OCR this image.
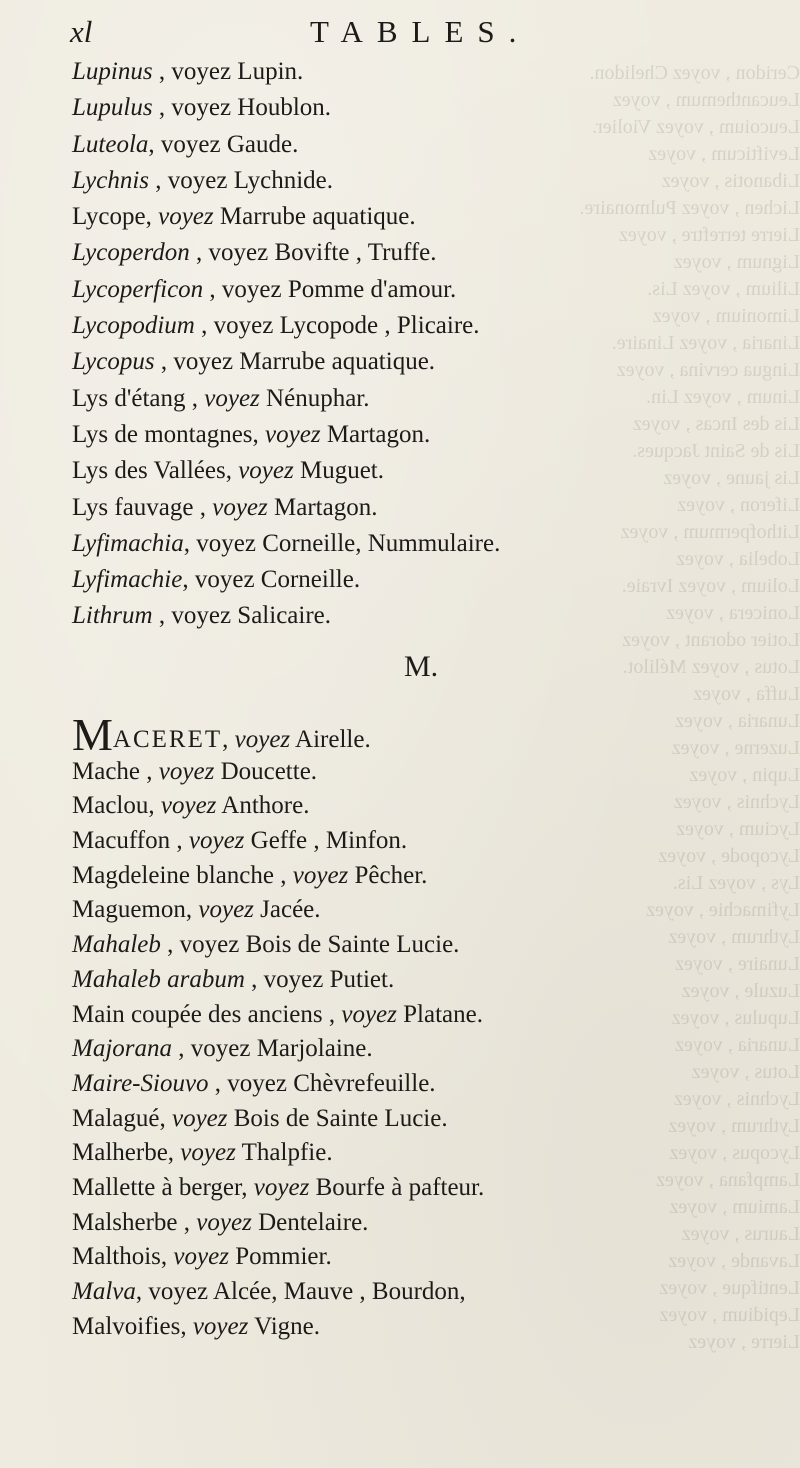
Ceridon , voyez Chelidon.
Leucanthemum , voyez
Leucoium , voyez Violier.
Levifticum , voyez
Libanotis , voyez
Lichen , voyez Pulmonaire.
Lierre terreftre , voyez
Lignum , voyez
Lilium , voyez Lis.
Limonium , voyez
Linaria , voyez Linaire.
Lingua cervina , voyez
Linum , voyez Lin.
Lis des Incas , voyez
Lis de Saint Jacques.
Lis jaune , voyez
Liferon , voyez
Lithofpermum , voyez
Lobelia , voyez
Lolium , voyez Ivraie.
Lonicera , voyez
Lotier odorant , voyez
Lotus , voyez Mélilot.
Luffa , voyez
Lunaria , voyez
Luzerne , voyez
Lupin , voyez
Lychnis , voyez
Lycium , voyez
Lycopode , voyez
Lys , voyez Lis.
Lyfimachie , voyez
Lythrum , voyez
Lunaire , voyez
Luzule , voyez
Lupulus , voyez
Lunaria , voyez
Lotus , voyez
Lychnis , voyez
Lythrum , voyez
Lycopus , voyez
Lampfana , voyez
Lamium , voyez
Laurus , voyez
Lavande , voyez
Lentifque , voyez
Lepidium , voyez
Lierre , voyez
xl	TABLES.
Lupinus , voyez Lupin.
Lupulus , voyez Houblon.
Luteola, voyez Gaude.
Lychnis , voyez Lychnide.
Lycope, voyez Marrube aquatique.
Lycoperdon , voyez Bovifte , Truffe.
Lycoperficon , voyez Pomme d'amour.
Lycopodium , voyez Lycopode , Plicaire.
Lycopus , voyez Marrube aquatique.
Lys d'étang , voyez Nénuphar.
Lys de montagnes, voyez Martagon.
Lys des Vallées, voyez Muguet.
Lys fauvage , voyez Martagon.
Lyfimachia, voyez Corneille, Nummulaire.
Lyfimachie, voyez Corneille.
Lithrum , voyez Salicaire.
M.
MACERET, voyez Airelle.
Mache , voyez Doucette.
Maclou, voyez Anthore.
Macuffon , voyez Geffe , Minfon.
Magdeleine blanche , voyez Pêcher.
Maguemon, voyez Jacée.
Mahaleb , voyez Bois de Sainte Lucie.
Mahaleb arabum , voyez Putiet.
Main coupée des anciens , voyez Platane.
Majorana , voyez Marjolaine.
Maire-Siouvo , voyez Chèvrefeuille.
Malagué, voyez Bois de Sainte Lucie.
Malherbe, voyez Thalpfie.
Mallette à berger, voyez Bourfe à pafteur.
Malsherbe , voyez Dentelaire.
Malthois, voyez Pommier.
Malva, voyez Alcée, Mauve , Bourdon,
Malvoifies, voyez Vigne.
